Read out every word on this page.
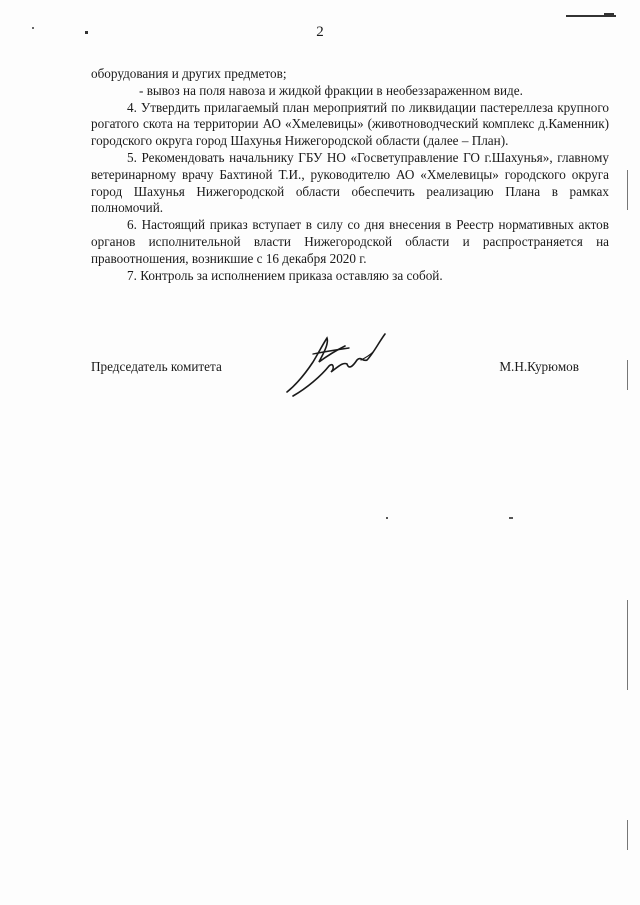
2

оборудования и других предметов;

- вывоз на поля навоза и жидкой фракции в необеззараженном виде.

4. Утвердить прилагаемый план мероприятий по ликвидации пастереллеза крупного рогатого скота на территории АО «Хмелевицы» (животноводческий комплекс д.Каменник) городского округа город Шахунья Нижегородской области (далее – План).

5. Рекомендовать начальнику ГБУ НО «Госветуправление ГО г.Шахунья», главному ветеринарному врачу Бахтиной Т.И., руководителю АО «Хмелевицы» городского округа город Шахунья Нижегородской области обеспечить реализацию Плана в рамках полномочий.

6. Настоящий приказ вступает в силу со дня внесения в Реестр нормативных актов органов исполнительной власти Нижегородской области и распространяется на правоотношения, возникшие с 16 декабря 2020 г.

7. Контроль за исполнением приказа оставляю за собой.

Председатель комитета	М.Н.Курюмов
